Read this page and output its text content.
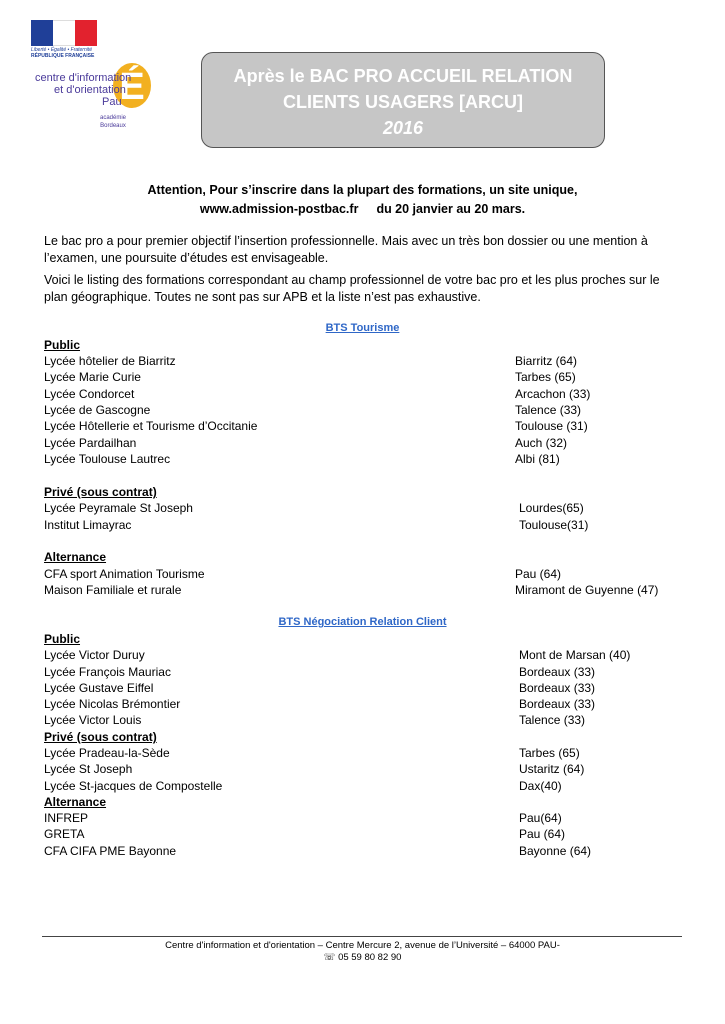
Liberté • Égalité • Fraternité
RÉPUBLIQUE FRANÇAISE
É
centre d'information
et d'orientation
Pau
académie
Bordeaux
Après le BAC PRO ACCUEIL RELATION
CLIENTS USAGERS [ARCU]
2016
Attention, Pour s’inscrire dans la plupart des formations, un site unique,
www.admission-postbac.fr du 20 janvier au 20 mars.
Le bac pro a pour premier objectif l’insertion professionnelle. Mais avec un très bon dossier ou une mention à l’examen, une poursuite d’études est envisageable.
Voici le listing des formations correspondant au champ professionnel de votre bac pro et les plus proches sur le plan géographique. Toutes ne sont pas sur APB et la liste n’est pas exhaustive.
BTS Tourisme
Public
Lycée hôtelier de Biarritz	Biarritz (64)
Lycée Marie Curie	Tarbes (65)
Lycée Condorcet	Arcachon (33)
Lycée de Gascogne	Talence (33)
Lycée Hôtellerie et Tourisme d’Occitanie	Toulouse (31)
Lycée Pardailhan	Auch (32)
Lycée Toulouse Lautrec	Albi (81)
Privé (sous contrat)
Lycée Peyramale St Joseph	Lourdes(65)
Institut Limayrac	Toulouse(31)
Alternance
CFA sport Animation Tourisme	Pau (64)
Maison Familiale et rurale	Miramont de Guyenne (47)
BTS Négociation Relation Client
Public
Lycée Victor Duruy	Mont de Marsan (40)
Lycée François Mauriac	Bordeaux (33)
Lycée Gustave Eiffel	Bordeaux (33)
Lycée Nicolas Brémontier	Bordeaux (33)
Lycée Victor Louis	Talence (33)
Privé (sous contrat)
Lycée Pradeau-la-Sède	Tarbes (65)
Lycée St Joseph	Ustaritz (64)
Lycée St-jacques de Compostelle	Dax(40)
Alternance
INFREP	Pau(64)
GRETA	Pau (64)
CFA CIFA PME Bayonne	Bayonne (64)
Centre d'information et d'orientation – Centre Mercure 2, avenue de l’Université – 64000 PAU-
☏ 05 59 80 82 90
